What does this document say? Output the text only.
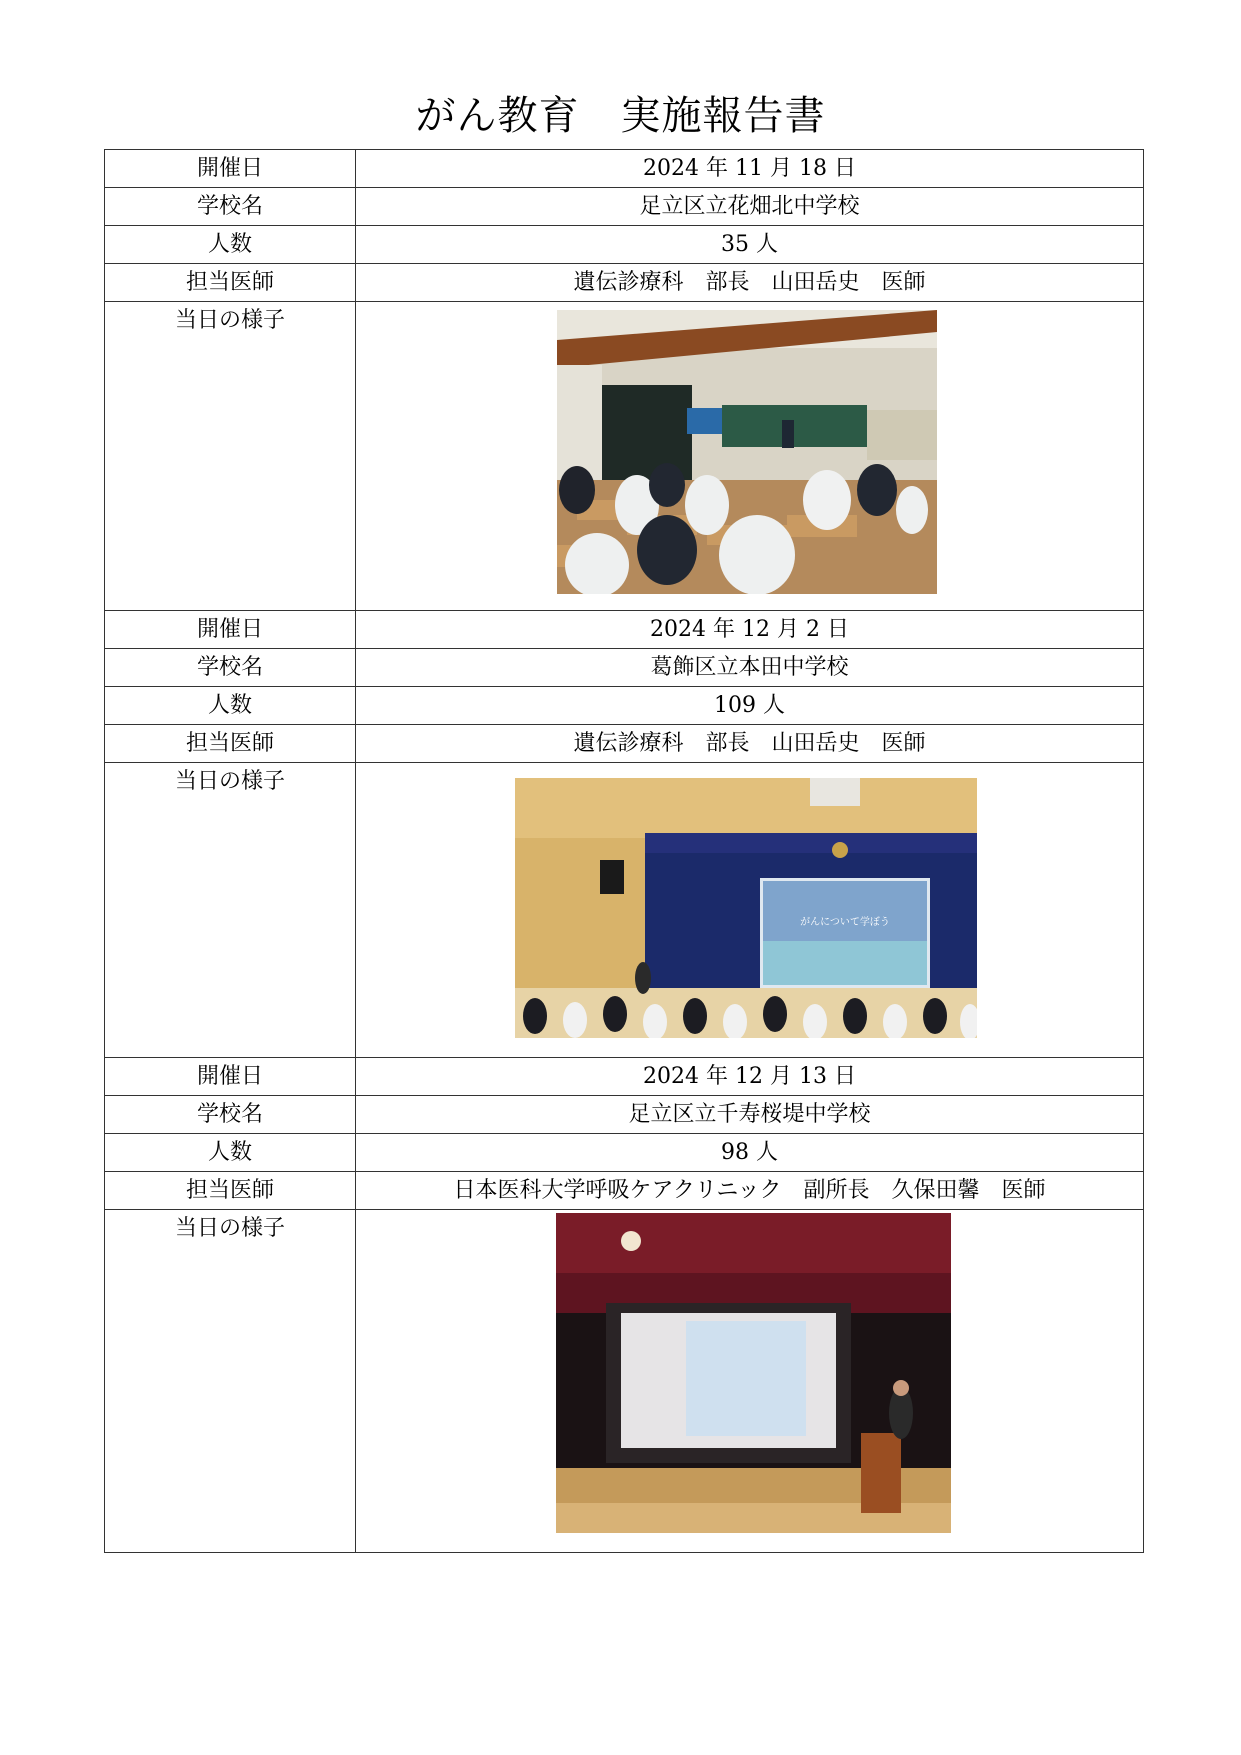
がん教育　実施報告書
開催日	2024 年 11 月 18 日
学校名	足立区立花畑北中学校
人数	35 人
担当医師	遺伝診療科　部長　山田岳史　医師
当日の様子	

開催日	2024 年 12 月 2 日
学校名	葛飾区立本田中学校
人数	109 人
担当医師	遺伝診療科　部長　山田岳史　医師
当日の様子	がんについて学ぼう

開催日	2024 年 12 月 13 日
学校名	足立区立千寿桜堤中学校
人数	98 人
担当医師	日本医科大学呼吸ケアクリニック　副所長　久保田馨　医師
当日の様子	
